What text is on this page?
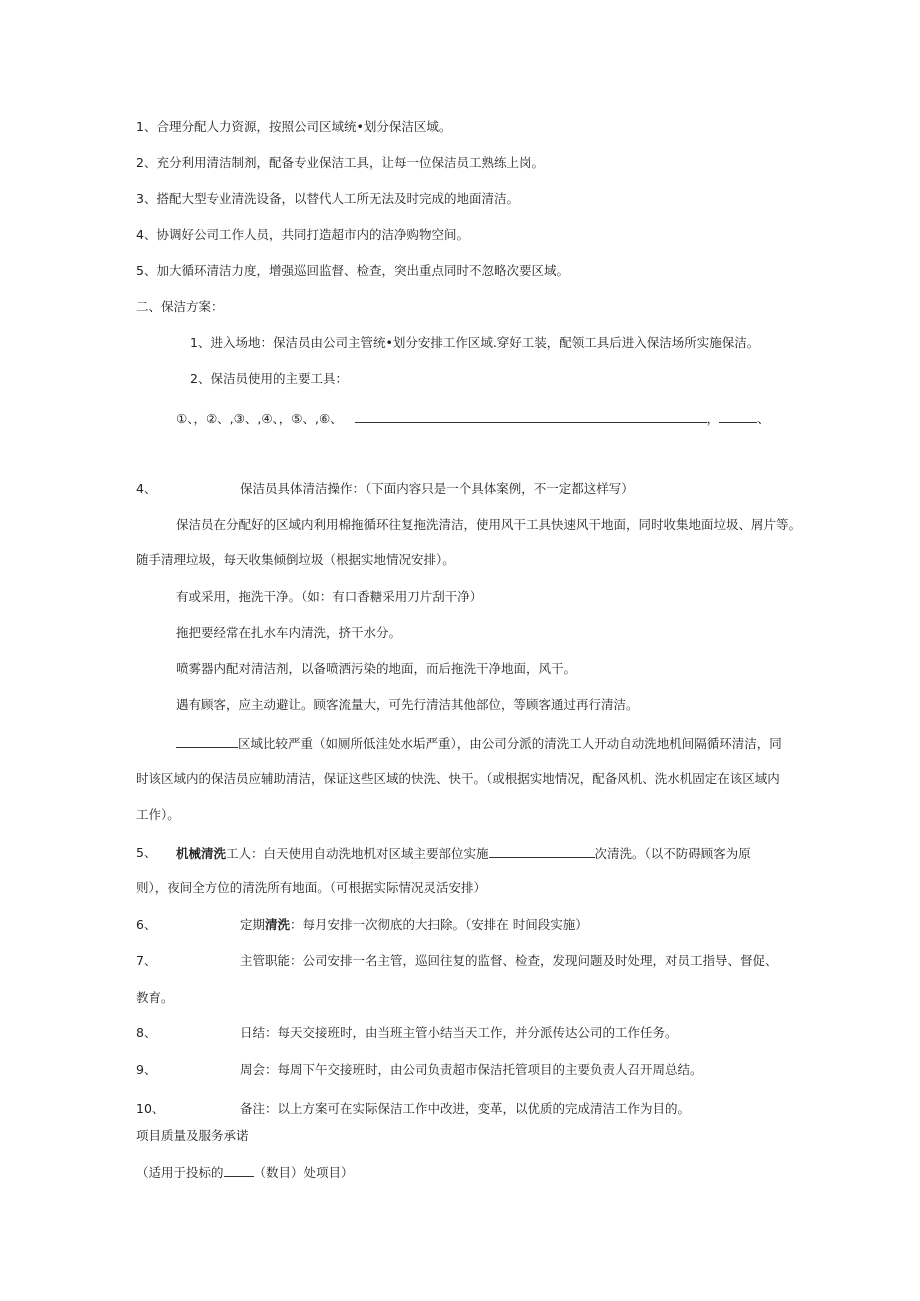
1、合理分配人力资源，按照公司区域统•划分保洁区域。
2、充分利用清洁制剂，配备专业保洁工具，让每一位保洁员工熟练上岗。
3、搭配大型专业清洗设备，以替代人工所无法及时完成的地面清洁。
4、协调好公司工作人员，共同打造超市内的洁净购物空间。
5、加大循环清洁力度，增强巡回监督、检查，突出重点同时不忽略次要区域。
二、保洁方案：
1、进入场地：保洁员由公司主管统•划分安排工作区域.穿好工装，配领工具后进入保洁场所实施保洁。
2、保洁员使用的主要工具：
①、，②、,③、,④、，⑤、,⑥、	，	、
4、	保洁员具体清洁操作：（下面内容只是一个具体案例，不一定都这样写）
保洁员在分配好的区域内利用棉拖循环往复拖洗清洁，使用风干工具快速风干地面，同时收集地面垃圾、屑片等。
随手清理垃圾，每天收集倾倒垃圾（根据实地情况安排）。
有或采用，拖洗干净。（如：有口香糖采用刀片刮干净）
拖把要经常在扎水车内清洗，挤干水分。
喷雾器内配对清洁剂，以备喷洒污染的地面，而后拖洗干净地面，风干。
遇有顾客，应主动避让。顾客流量大，可先行清洁其他部位，等顾客通过再行清洁。
区域比较严重（如厕所低洼处水垢严重），由公司分派的清洗工人开动自动洗地机间隔循环清洁，同
时该区域内的保洁员应辅助清洁，保证这些区域的快洗、快干。（或根据实地情况，配备风机、洗水机固定在该区域内
工作）。
5、 机械清洗工人：白天使用自动洗地机对区域主要部位实施	次清洗。（以不防碍顾客为原
则），夜间全方位的清洗所有地面。（可根据实际情况灵活安排）
6、	定期清洗：每月安排一次彻底的大扫除。（安排在 时间段实施）
7、	主管职能：公司安排一名主管，巡回往复的监督、检查，发现问题及时处理，对员工指导、督促、
教育。
8、	日结：每天交接班时，由当班主管小结当天工作，并分派传达公司的工作任务。
9、	周会：每周下午交接班时，由公司负责超市保洁托管项目的主要负责人召开周总结。
10、	备注：以上方案可在实际保洁工作中改进，变革，以优质的完成清洁工作为目的。
项目质量及服务承诺
（适用于投标的 （数目）处项目）
